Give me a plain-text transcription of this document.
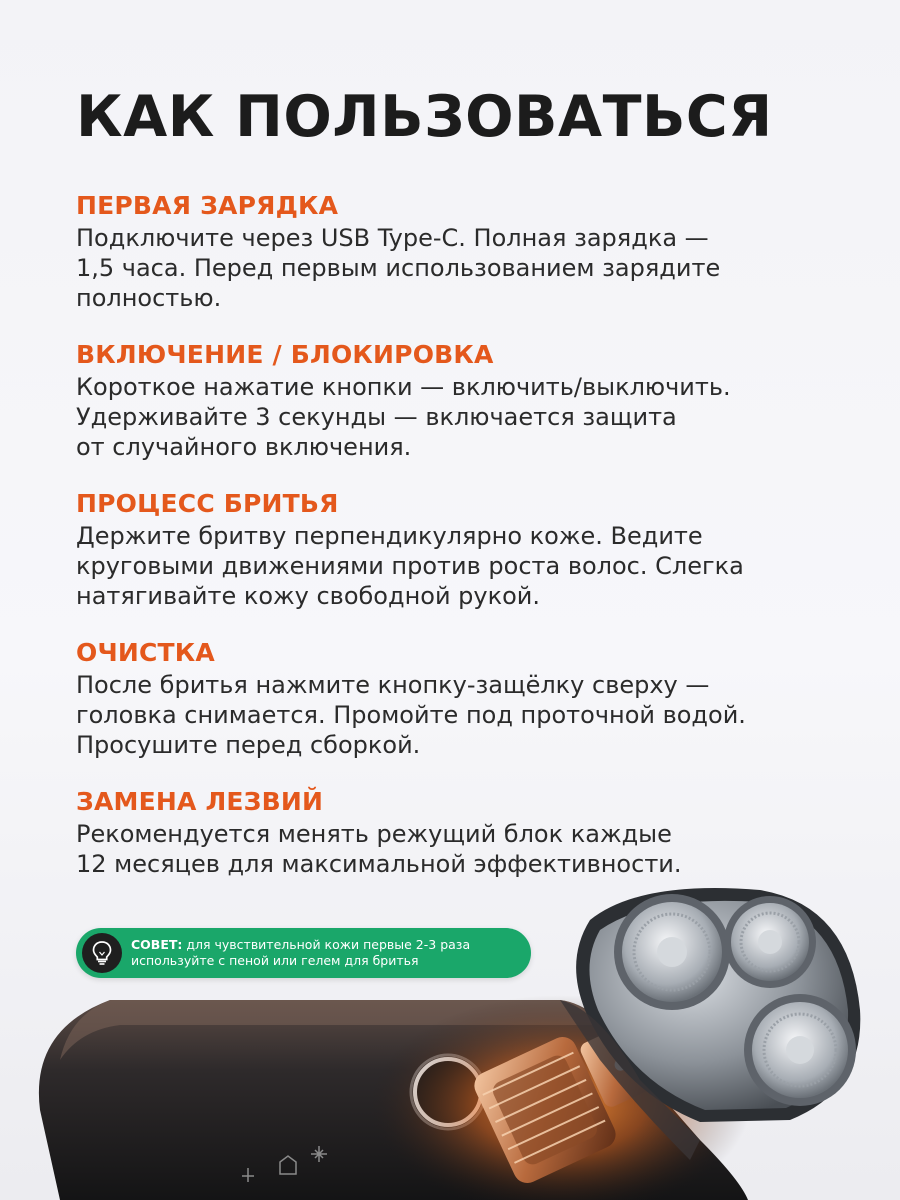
КАК ПОЛЬЗОВАТЬСЯ
ПЕРВАЯ ЗАРЯДКА

Подключите через USB Type-C. Полная зарядка —
1,5 часа. Перед первым использованием зарядите
полностью.

ВКЛЮЧЕНИЕ / БЛОКИРОВКА

Короткое нажатие кнопки — включить/выключить.
Удерживайте 3 секунды — включается защита
от случайного включения.

ПРОЦЕСС БРИТЬЯ

Держите бритву перпендикулярно коже. Ведите
круговыми движениями против роста волос. Слегка
натягивайте кожу свободной рукой.

ОЧИСТКА

После бритья нажмите кнопку-защёлку сверху —
головка снимается. Промойте под проточной водой.
Просушите перед сборкой.

ЗАМЕНА ЛЕЗВИЙ

Рекомендуется менять режущий блок каждые
12 месяцев для максимальной эффективности.

СОВЕТ: для чувствительной кожи первые 2-3 раза
используйте с пеной или гелем для бритья
